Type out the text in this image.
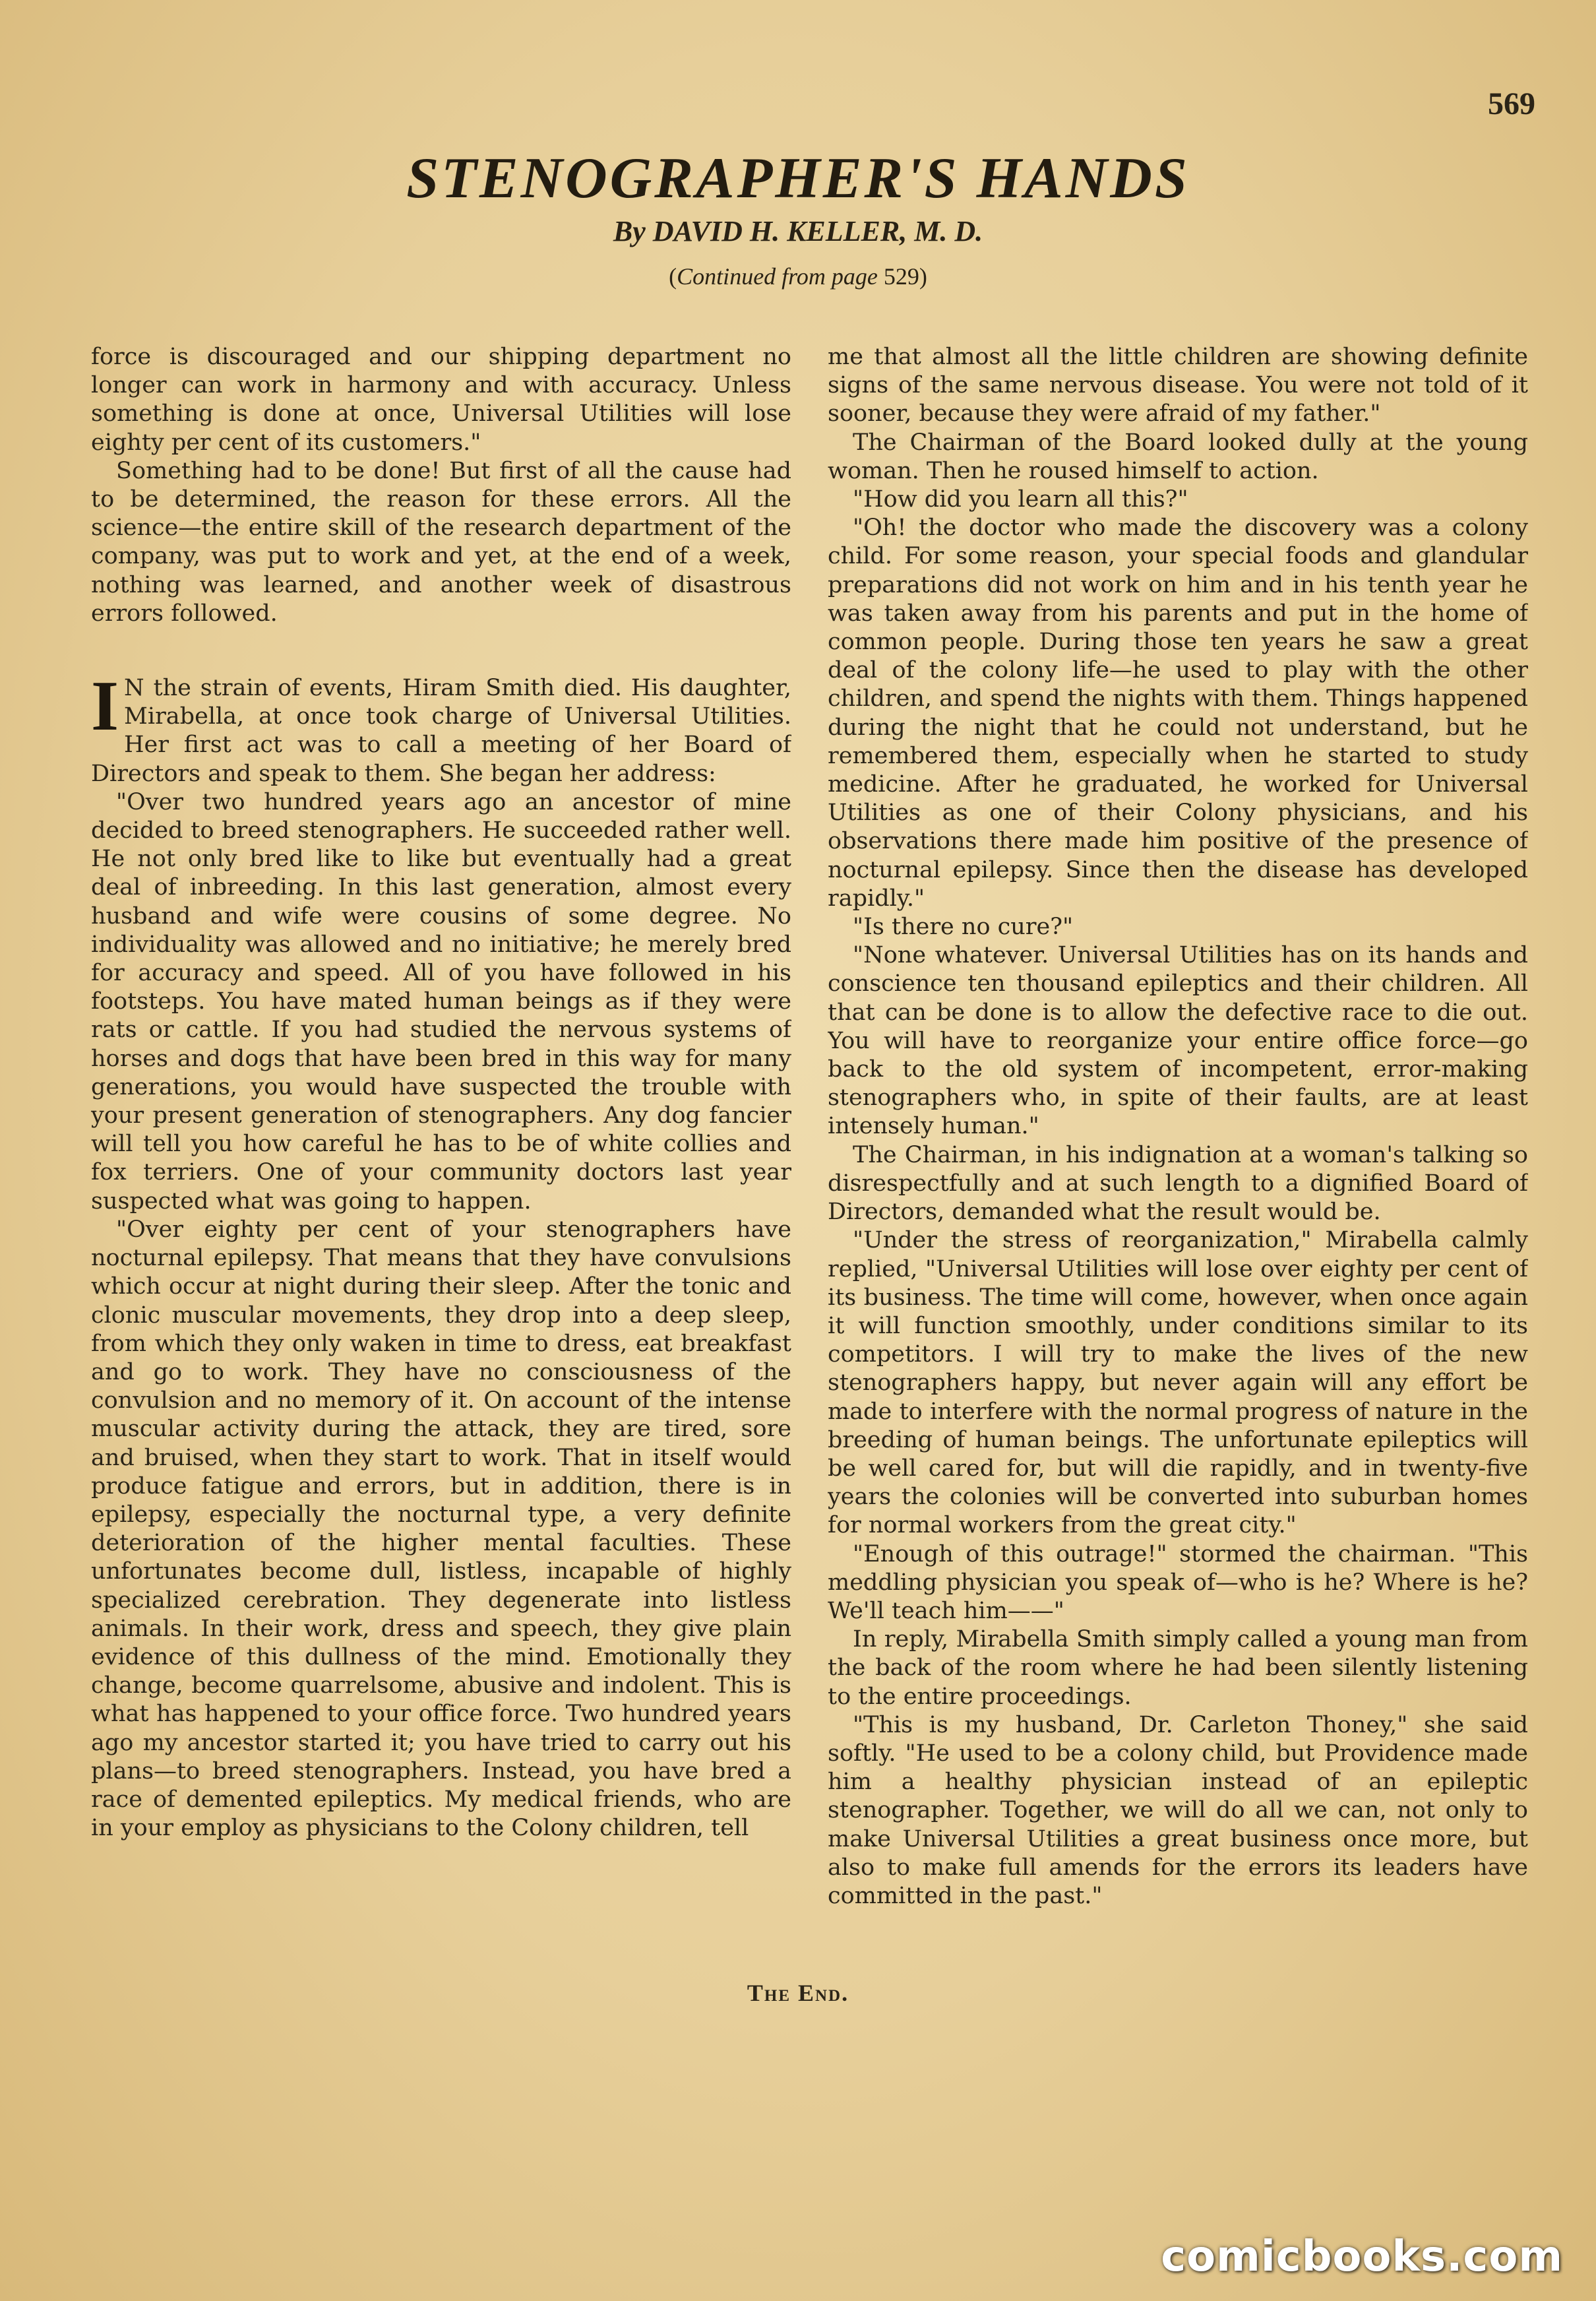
569
STENOGRAPHER'S HANDS
By DAVID H. KELLER, M. D.
(Continued from page 529)

force is discouraged and our shipping department no longer can work in harmony and with accuracy. Unless something is done at once, Universal Utilities will lose eighty per cent of its customers."

Something had to be done! But first of all the cause had to be determined, the reason for these errors. All the science—the entire skill of the research department of the company, was put to work and yet, at the end of a week, nothing was learned, and another week of disastrous errors followed.

I N the strain of events, Hiram Smith died. His daughter, Mirabella, at once took charge of Universal Utilities. Her first act was to call a meeting of her Board of Directors and speak to them. She began her address:

"Over two hundred years ago an ancestor of mine decided to breed stenographers. He succeeded rather well. He not only bred like to like but eventually had a great deal of inbreeding. In this last generation, almost every husband and wife were cousins of some degree. No individuality was allowed and no initiative; he merely bred for accuracy and speed. All of you have followed in his footsteps. You have mated human beings as if they were rats or cattle. If you had studied the nervous systems of horses and dogs that have been bred in this way for many generations, you would have suspected the trouble with your present generation of stenographers. Any dog fancier will tell you how careful he has to be of white collies and fox terriers. One of your community doctors last year suspected what was going to happen.

"Over eighty per cent of your stenographers have nocturnal epilepsy. That means that they have convulsions which occur at night during their sleep. After the tonic and clonic muscular movements, they drop into a deep sleep, from which they only waken in time to dress, eat breakfast and go to work. They have no consciousness of the convulsion and no memory of it. On account of the intense muscular activity during the attack, they are tired, sore and bruised, when they start to work. That in itself would produce fatigue and errors, but in addition, there is in epilepsy, especially the nocturnal type, a very definite deterioration of the higher mental faculties. These unfortunates become dull, listless, incapable of highly specialized cerebration. They degenerate into listless animals. In their work, dress and speech, they give plain evidence of this dullness of the mind. Emotionally they change, become quarrelsome, abusive and indolent. This is what has happened to your office force. Two hundred years ago my ancestor started it; you have tried to carry out his plans—to breed stenographers. Instead, you have bred a race of demented epileptics. My medical friends, who are in your employ as physicians to the Colony children, tell

me that almost all the little children are showing definite signs of the same nervous disease. You were not told of it sooner, because they were afraid of my father."

The Chairman of the Board looked dully at the young woman. Then he roused himself to action.

"How did you learn all this?"

"Oh! the doctor who made the discovery was a colony child. For some reason, your special foods and glandular preparations did not work on him and in his tenth year he was taken away from his parents and put in the home of common people. During those ten years he saw a great deal of the colony life—he used to play with the other children, and spend the nights with them. Things happened during the night that he could not understand, but he remembered them, especially when he started to study medicine. After he graduated, he worked for Universal Utilities as one of their Colony physicians, and his observations there made him positive of the presence of nocturnal epilepsy. Since then the disease has developed rapidly."

"Is there no cure?"

"None whatever. Universal Utilities has on its hands and conscience ten thousand epileptics and their children. All that can be done is to allow the defective race to die out. You will have to reorganize your entire office force—go back to the old system of incompetent, error-making stenographers who, in spite of their faults, are at least intensely human."

The Chairman, in his indignation at a woman's talking so disrespectfully and at such length to a dignified Board of Directors, demanded what the result would be.

"Under the stress of reorganization," Mirabella calmly replied, "Universal Utilities will lose over eighty per cent of its business. The time will come, however, when once again it will function smoothly, under conditions similar to its competitors. I will try to make the lives of the new stenographers happy, but never again will any effort be made to interfere with the normal progress of nature in the breeding of human beings. The unfortunate epileptics will be well cared for, but will die rapidly, and in twenty-five years the colonies will be converted into suburban homes for normal workers from the great city."

"Enough of this outrage!" stormed the chairman. "This meddling physician you speak of—who is he? Where is he? We'll teach him——"

In reply, Mirabella Smith simply called a young man from the back of the room where he had been silently listening to the entire proceedings.

"This is my husband, Dr. Carleton Thoney," she said softly. "He used to be a colony child, but Providence made him a healthy physician instead of an epileptic stenographer. Together, we will do all we can, not only to make Universal Utilities a great business once more, but also to make full amends for the errors its leaders have committed in the past."

The End.
comicbooks.com
